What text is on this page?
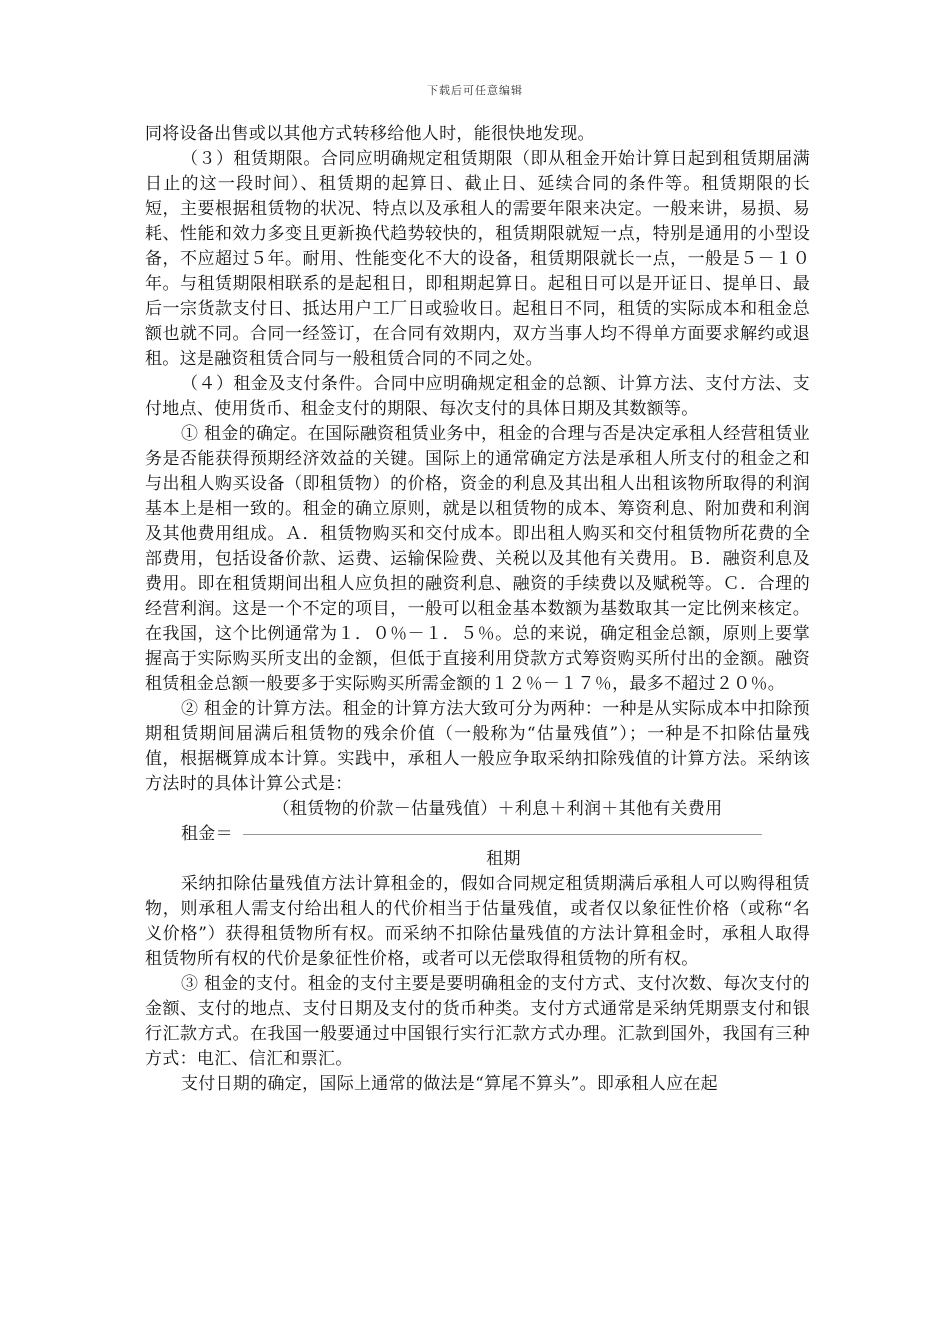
下载后可任意编辑

同将设备出售或以其他方式转移给他人时，能很快地发现。

（３）租赁期限。合同应明确规定租赁期限（即从租金开始计算日起到租赁期届满日止的这一段时间）、租赁期的起算日、截止日、延续合同的条件等。租赁期限的长短，主要根据租赁物的状况、特点以及承租人的需要年限来决定。一般来讲，易损、易耗、性能和效力多变且更新换代趋势较快的，租赁期限就短一点，特别是通用的小型设备，不应超过５年。耐用、性能变化不大的设备，租赁期限就长一点，一般是５－１０年。与租赁期限相联系的是起租日，即租期起算日。起租日可以是开证日、提单日、最后一宗货款支付日、抵达用户工厂日或验收日。起租日不同，租赁的实际成本和租金总额也就不同。合同一经签订，在合同有效期内，双方当事人均不得单方面要求解约或退租。这是融资租赁合同与一般租赁合同的不同之处。

（４）租金及支付条件。合同中应明确规定租金的总额、计算方法、支付方法、支付地点、使用货币、租金支付的期限、每次支付的具体日期及其数额等。

① 租金的确定。在国际融资租赁业务中，租金的合理与否是决定承租人经营租赁业务是否能获得预期经济效益的关键。国际上的通常确定方法是承租人所支付的租金之和与出租人购买设备（即租赁物）的价格，资金的利息及其出租人出租该物所取得的利润基本上是相一致的。租金的确立原则，就是以租赁物的成本、筹资利息、附加费和利润及其他费用组成。Ａ．租赁物购买和交付成本。即出租人购买和交付租赁物所花费的全部费用，包括设备价款、运费、运输保险费、关税以及其他有关费用。Ｂ．融资利息及费用。即在租赁期间出租人应负担的融资利息、融资的手续费以及赋税等。Ｃ．合理的经营利润。这是一个不定的项目，一般可以租金基本数额为基数取其一定比例来核定。在我国，这个比例通常为１．０％－１．５％。总的来说，确定租金总额，原则上要掌握高于实际购买所支出的金额，但低于直接利用贷款方式筹资购买所付出的金额。融资租赁租金总额一般要多于实际购买所需金额的１２％－１７％，最多不超过２０％。

② 租金的计算方法。租金的计算方法大致可分为两种：一种是从实际成本中扣除预期租赁期间届满后租赁物的残余价值（一般称为“估量残值”）；一种是不扣除估量残值，根据概算成本计算。实践中，承租人一般应争取采纳扣除残值的计算方法。采纳该方法时的具体计算公式是：

（租赁物的价款－估量残值）＋利息＋利润＋其他有关费用
租金＝
租期

采纳扣除估量残值方法计算租金的，假如合同规定租赁期满后承租人可以购得租赁物，则承租人需支付给出租人的代价相当于估量残值，或者仅以象征性价格（或称“名义价格”）获得租赁物所有权。而采纳不扣除估量残值的方法计算租金时，承租人取得租赁物所有权的代价是象征性价格，或者可以无偿取得租赁物的所有权。

③ 租金的支付。租金的支付主要是要明确租金的支付方式、支付次数、每次支付的金额、支付的地点、支付日期及支付的货币种类。支付方式通常是采纳凭期票支付和银行汇款方式。在我国一般要通过中国银行实行汇款方式办理。汇款到国外，我国有三种方式：电汇、信汇和票汇。

支付日期的确定，国际上通常的做法是“算尾不算头”。即承租人应在起
